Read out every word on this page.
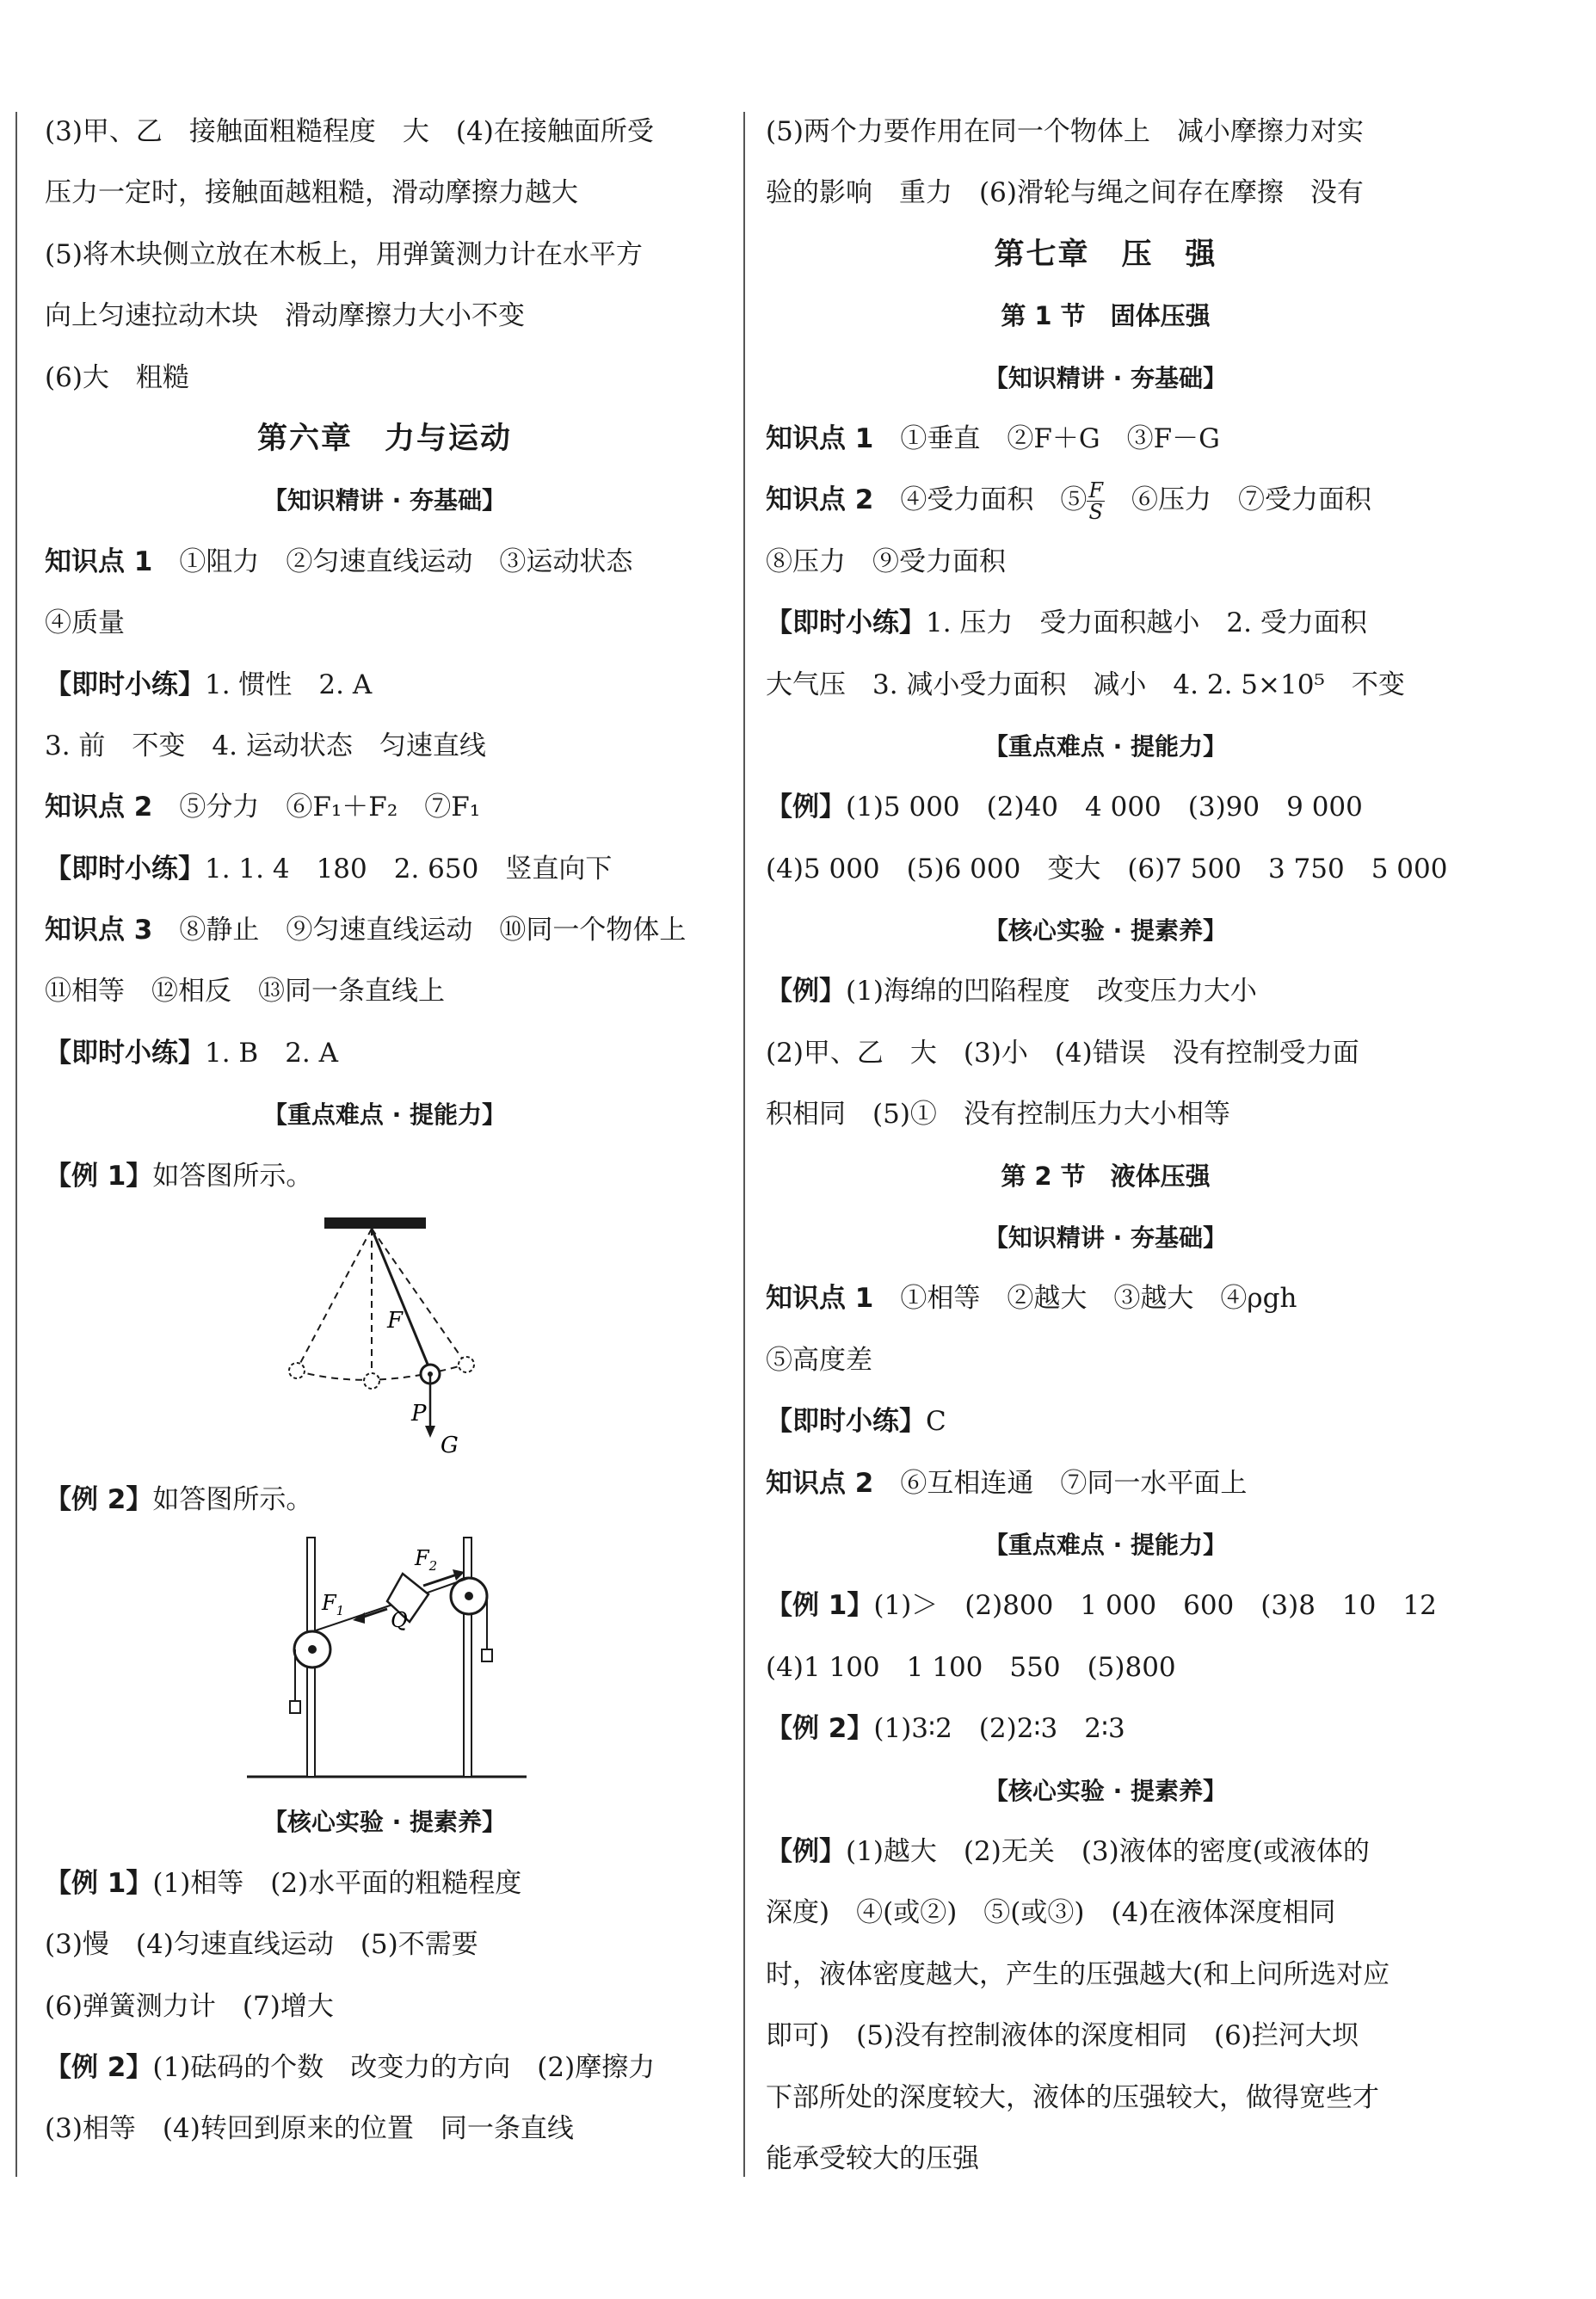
(3)甲、乙　接触面粗糙程度　大　(4)在接触面所受
压力一定时，接触面越粗糙，滑动摩擦力越大
(5)将木块侧立放在木板上，用弹簧测力计在水平方
向上匀速拉动木块　滑动摩擦力大小不变
(6)大　粗糙
第六章　力与运动
【知识精讲 · 夯基础】
知识点 1　①阻力　②匀速直线运动　③运动状态
④质量
【即时小练】1. 惯性　2. A
3. 前　不变　4. 运动状态　匀速直线
知识点 2　⑤分力　⑥F₁＋F₂　⑦F₁
【即时小练】1. 1. 4　180　2. 650　竖直向下
知识点 3　⑧静止　⑨匀速直线运动　⑩同一个物体上
⑪相等　⑫相反　⑬同一条直线上
【即时小练】1. B　2. A
【重点难点 · 提能力】
【例 1】如答图所示。
F
P
G
【例 2】如答图所示。
$F_1$
$F_2$
Q
【核心实验 · 提素养】
【例 1】(1)相等　(2)水平面的粗糙程度
(3)慢　(4)匀速直线运动　(5)不需要
(6)弹簧测力计　(7)增大
【例 2】(1)砝码的个数　改变力的方向　(2)摩擦力
(3)相等　(4)转回到原来的位置　同一条直线
(5)两个力要作用在同一个物体上　减小摩擦力对实
验的影响　重力　(6)滑轮与绳之间存在摩擦　没有
第七章　压　强
第 1 节　固体压强
【知识精讲 · 夯基础】
知识点 1　①垂直　②F＋G　③F－G
知识点 2　④受力面积　⑤ $\frac{F}{S}$ 　⑥压力　⑦受力面积
⑧压力　⑨受力面积
【即时小练】1. 压力　受力面积越小　2. 受力面积
大气压　3. 减小受力面积　减小　4. 2. 5×10⁵　不变
【重点难点 · 提能力】
【例】(1)5 000　(2)40　4 000　(3)90　9 000
(4)5 000　(5)6 000　变大　(6)7 500　3 750　5 000
【核心实验 · 提素养】
【例】(1)海绵的凹陷程度　改变压力大小
(2)甲、乙　大　(3)小　(4)错误　没有控制受力面
积相同　(5)①　没有控制压力大小相等
第 2 节　液体压强
【知识精讲 · 夯基础】
知识点 1　①相等　②越大　③越大　④ρgh
⑤高度差
【即时小练】C
知识点 2　⑥互相连通　⑦同一水平面上
【重点难点 · 提能力】
【例 1】(1)＞　(2)800　1 000　600　(3)8　10　12
(4)1 100　1 100　550　(5)800
【例 2】(1)3∶2　(2)2∶3　2∶3
【核心实验 · 提素养】
【例】(1)越大　(2)无关　(3)液体的密度(或液体的
深度)　④(或②)　⑤(或③)　(4)在液体深度相同
时，液体密度越大，产生的压强越大(和上问所选对应
即可)　(5)没有控制液体的深度相同　(6)拦河大坝
下部所处的深度较大，液体的压强较大，做得宽些才
能承受较大的压强
